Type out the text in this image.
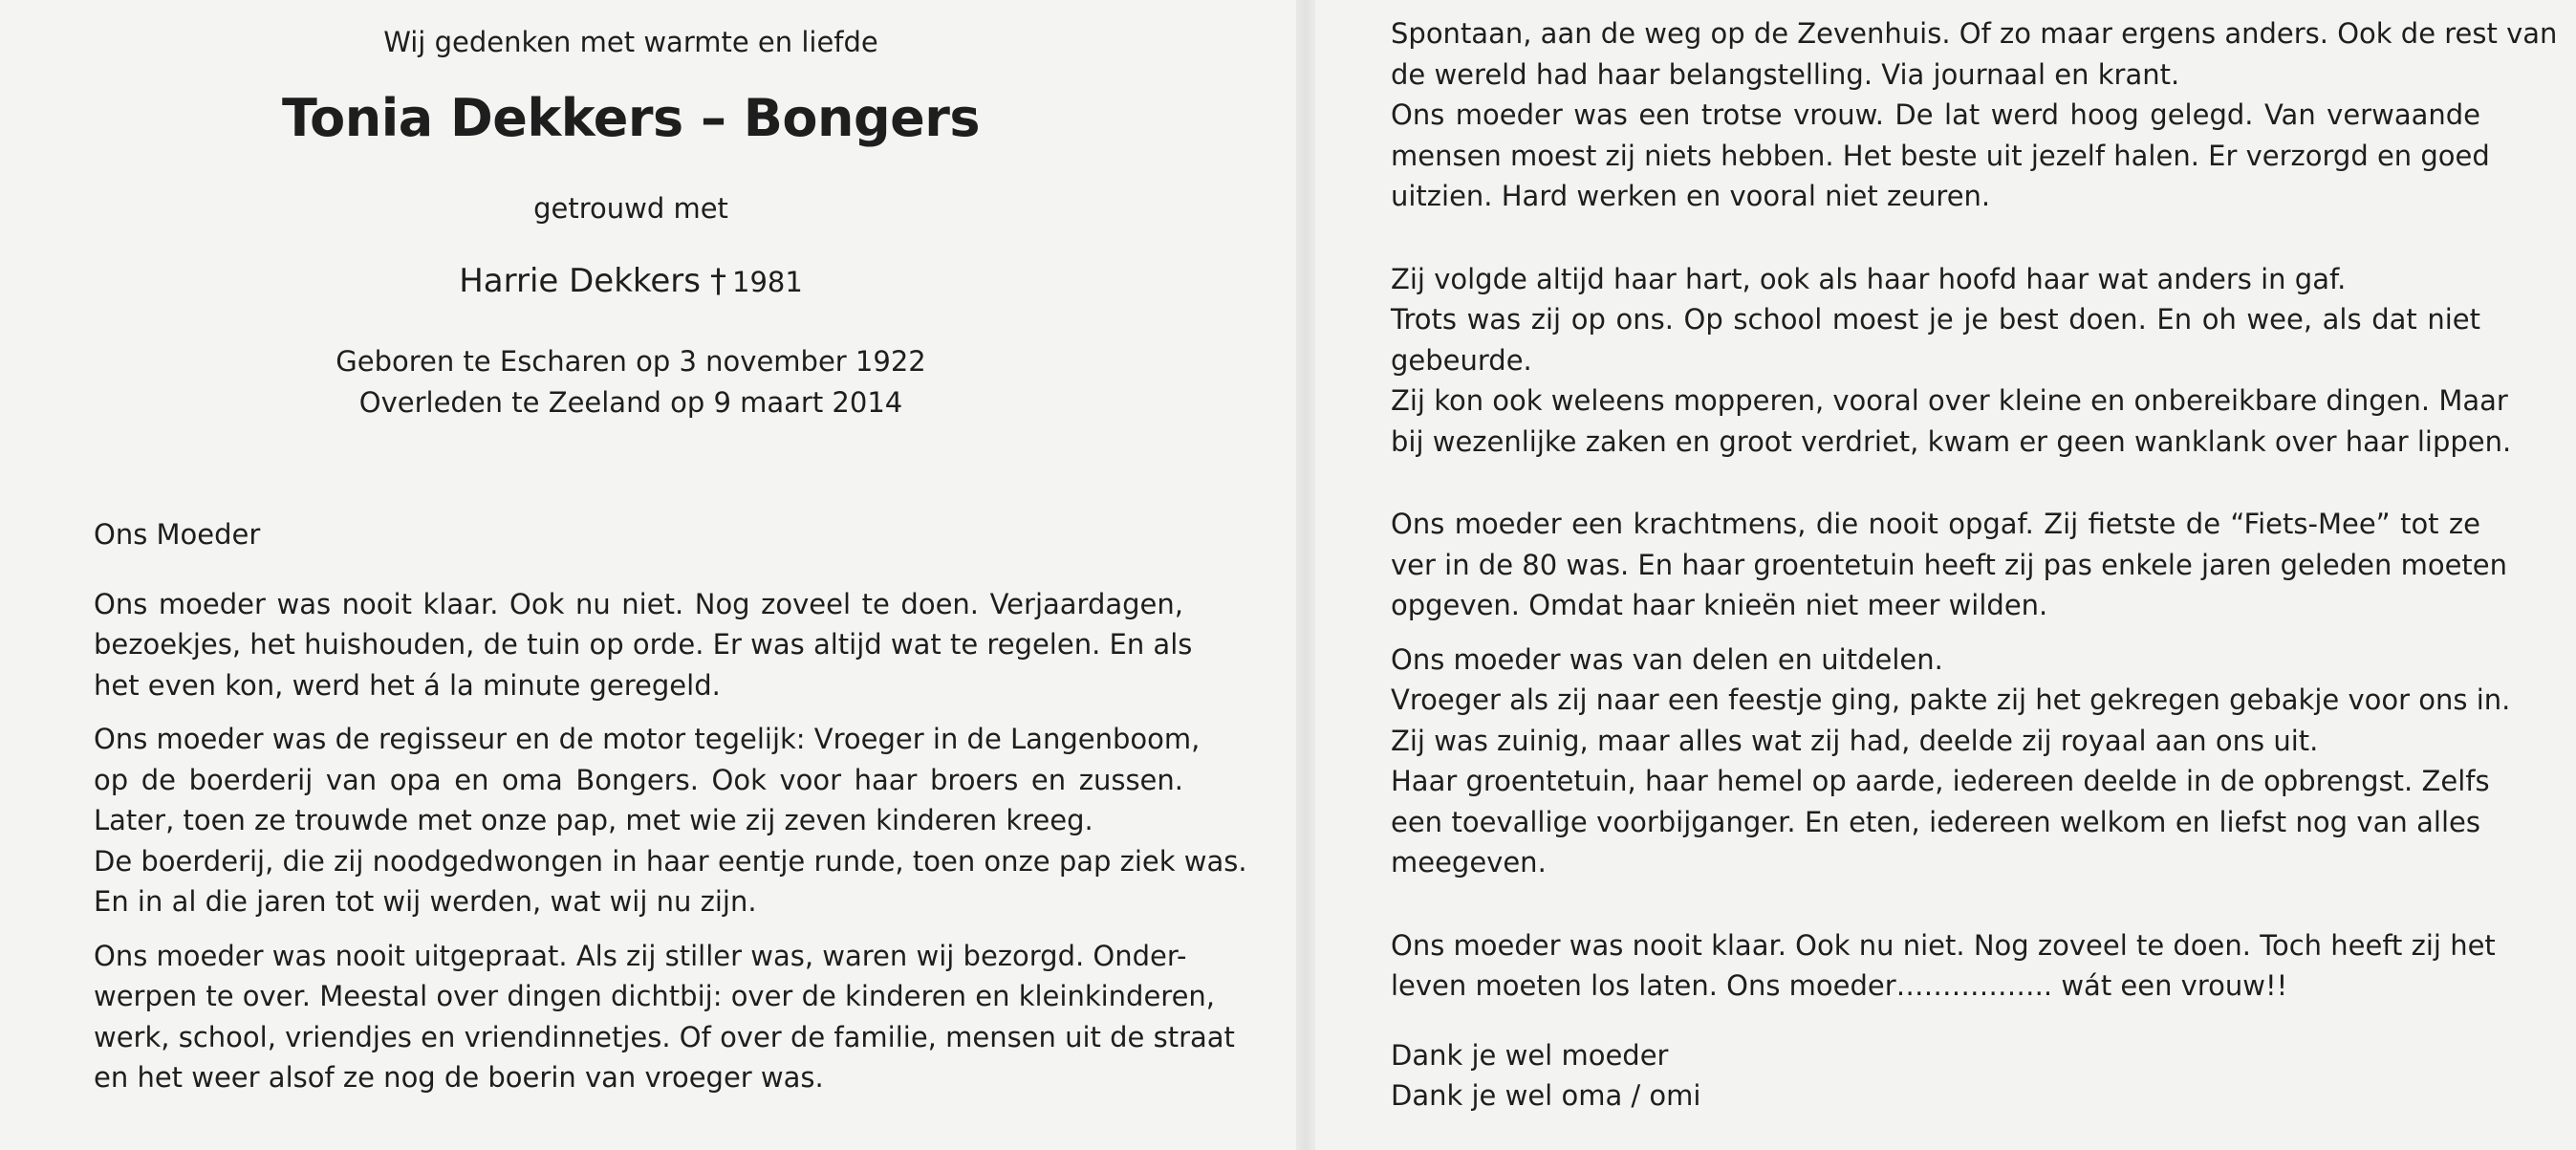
Wij gedenken met warmte en liefde

Tonia Dekkers – Bongers

getrouwd met

Harrie Dekkers † 1981

Geboren te Escharen op 3 november 1922
Overleden te Zeeland op 9 maart 2014

Ons Moeder

Ons moeder was nooit klaar. Ook nu niet. Nog zoveel te doen. Verjaardagen,
bezoekjes, het huishouden, de tuin op orde. Er was altijd wat te regelen. En als
het even kon, werd het á la minute geregeld.

Ons moeder was de regisseur en de motor tegelijk: Vroeger in de Langenboom,
op de boerderij van opa en oma Bongers. Ook voor haar broers en zussen.
Later, toen ze trouwde met onze pap, met wie zij zeven kinderen kreeg.
De boerderij, die zij noodgedwongen in haar eentje runde, toen onze pap ziek was.
En in al die jaren tot wij werden, wat wij nu zijn.

Ons moeder was nooit uitgepraat. Als zij stiller was, waren wij bezorgd. Onder-
werpen te over. Meestal over dingen dichtbij: over de kinderen en kleinkinderen,
werk, school, vriendjes en vriendinnetjes. Of over de familie, mensen uit de straat
en het weer alsof ze nog de boerin van vroeger was.

Spontaan, aan de weg op de Zevenhuis. Of zo maar ergens anders. Ook de rest van
de wereld had haar belangstelling. Via journaal en krant.
Ons moeder was een trotse vrouw. De lat werd hoog gelegd. Van verwaande
mensen moest zij niets hebben. Het beste uit jezelf halen. Er verzorgd en goed
uitzien. Hard werken en vooral niet zeuren.

Zij volgde altijd haar hart, ook als haar hoofd haar wat anders in gaf.
Trots was zij op ons. Op school moest je je best doen. En oh wee, als dat niet
gebeurde.
Zij kon ook weleens mopperen, vooral over kleine en onbereikbare dingen. Maar
bij wezenlijke zaken en groot verdriet, kwam er geen wanklank over haar lippen.

Ons moeder een krachtmens, die nooit opgaf. Zij fietste de “Fiets-Mee” tot ze
ver in de 80 was. En haar groentetuin heeft zij pas enkele jaren geleden moeten
opgeven. Omdat haar knieën niet meer wilden.

Ons moeder was van delen en uitdelen.
Vroeger als zij naar een feestje ging, pakte zij het gekregen gebakje voor ons in.
Zij was zuinig, maar alles wat zij had, deelde zij royaal aan ons uit.
Haar groentetuin, haar hemel op aarde, iedereen deelde in de opbrengst. Zelfs
een toevallige voorbijganger. En eten, iedereen welkom en liefst nog van alles
meegeven.

Ons moeder was nooit klaar. Ook nu niet. Nog zoveel te doen. Toch heeft zij het
leven moeten los laten. Ons moeder…………….. wát een vrouw!!

Dank je wel moeder
Dank je wel oma / omi
